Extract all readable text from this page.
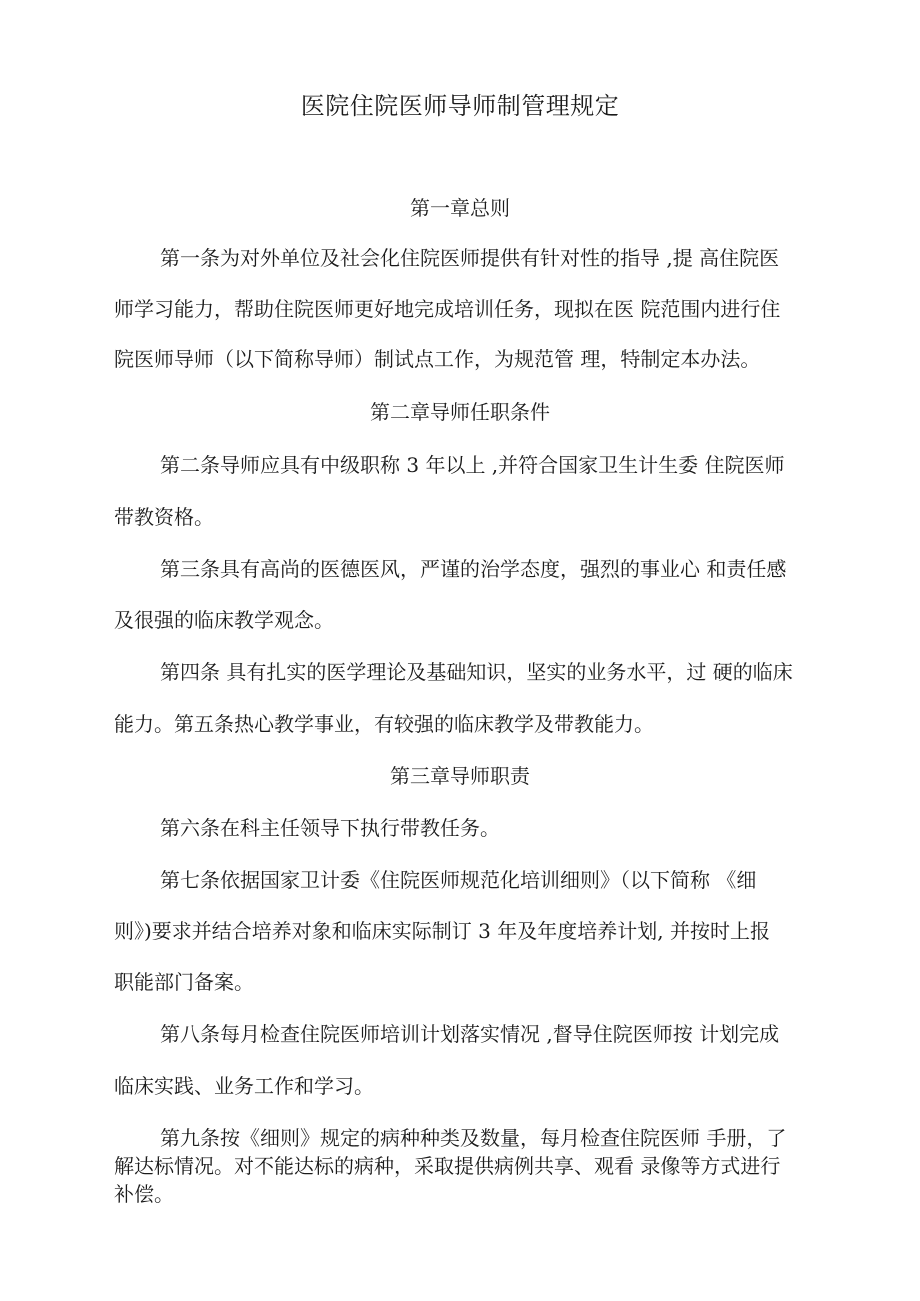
医院住院医师导师制管理规定
第一章总则
第一条为对外单位及社会化住院医师提供有针对性的指导 ,提 高住院医
师学习能力，帮助住院医师更好地完成培训任务，现拟在医 院范围内进行住
院医师导师（以下简称导师）制试点工作，为规范管 理，特制定本办法。
第二章导师任职条件
第二条导师应具有中级职称 3 年以上 ,并符合国家卫生计生委 住院医师
带教资格。
第三条具有高尚的医德医风，严谨的治学态度，强烈的事业心 和责任感
及很强的临床教学观念。
第四条 具有扎实的医学理论及基础知识，坚实的业务水平，过 硬的临床
能力。第五条热心教学事业，有较强的临床教学及带教能力。
第三章导师职责
第六条在科主任领导下执行带教任务。
第七条依据国家卫计委《住院医师规范化培训细则》（以下简称 《细
则》)要求并结合培养对象和临床实际制订 3 年及年度培养计划, 并按时上报
职能部门备案。
第八条每月检查住院医师培训计划落实情况 ,督导住院医师按 计划完成
临床实践、业务工作和学习。
第九条按《细则》规定的病种种类及数量，每月检查住院医师 手册，了
解达标情况。对不能达标的病种，采取提供病例共享、观看 录像等方式进行
补偿。
